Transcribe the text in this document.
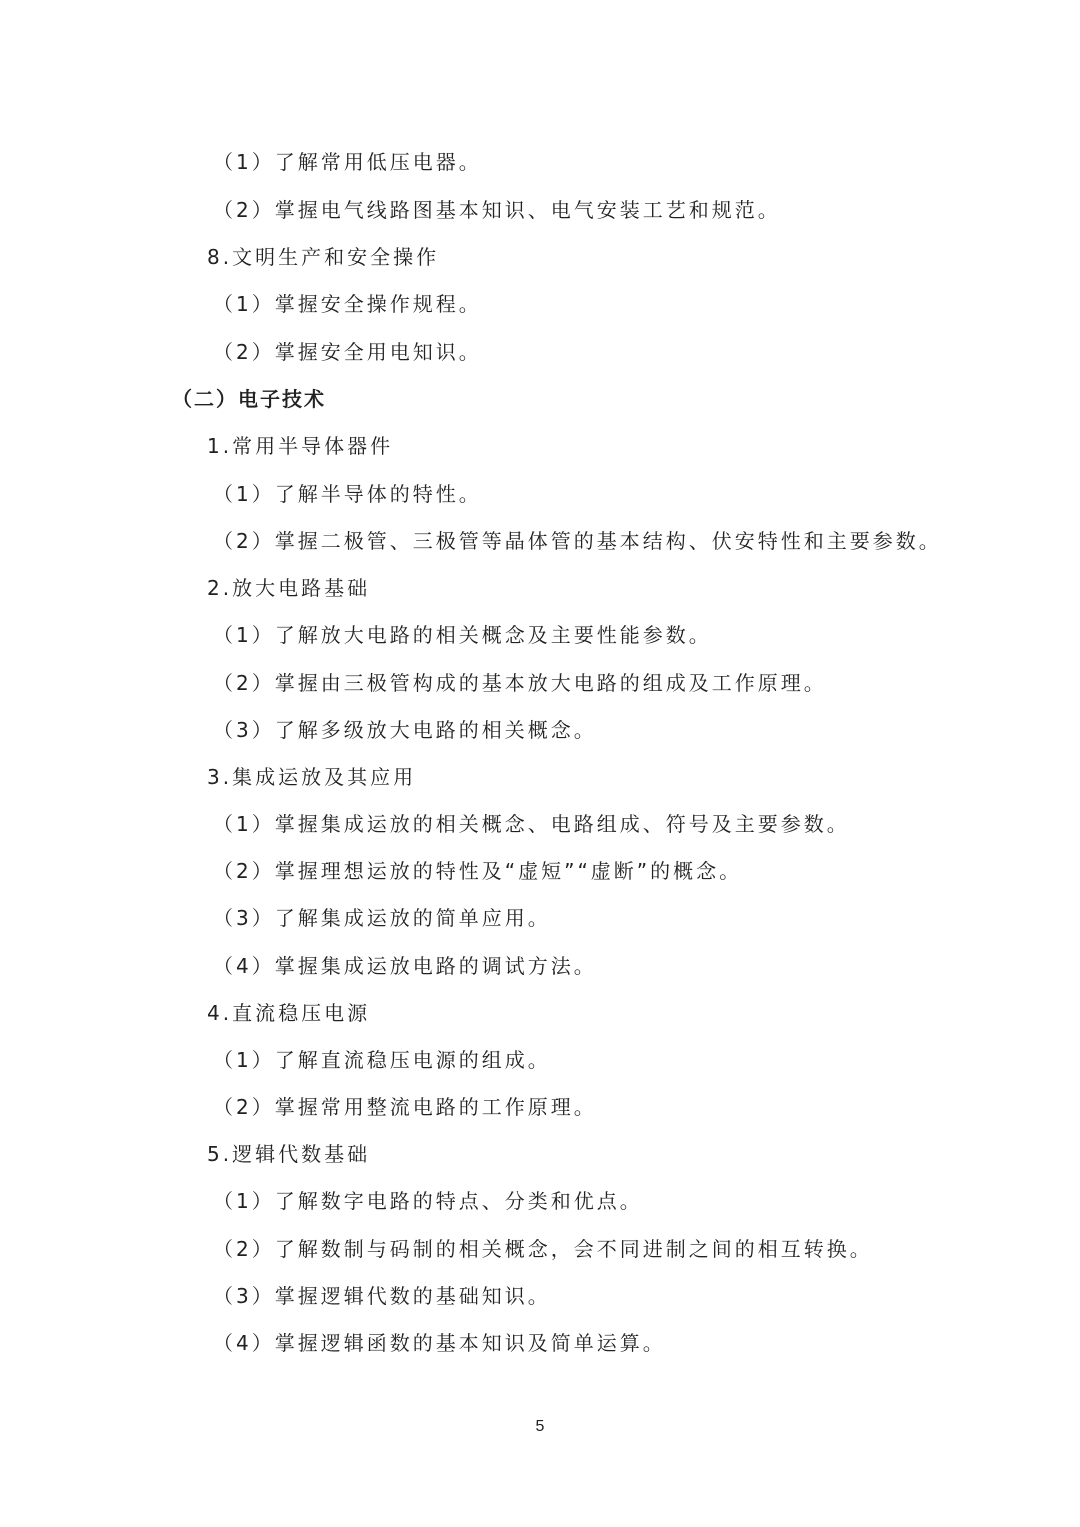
（1）了解常用低压电器。
（2）掌握电气线路图基本知识、电气安装工艺和规范。
8.文明生产和安全操作
（1）掌握安全操作规程。
（2）掌握安全用电知识。
（二）电子技术
1.常用半导体器件
（1）了解半导体的特性。
（2）掌握二极管、三极管等晶体管的基本结构、伏安特性和主要参数。
2.放大电路基础
（1）了解放大电路的相关概念及主要性能参数。
（2）掌握由三极管构成的基本放大电路的组成及工作原理。
（3）了解多级放大电路的相关概念。
3.集成运放及其应用
（1）掌握集成运放的相关概念、电路组成、符号及主要参数。
（2）掌握理想运放的特性及“虚短”“虚断”的概念。
（3）了解集成运放的简单应用。
（4）掌握集成运放电路的调试方法。
4.直流稳压电源
（1）了解直流稳压电源的组成。
（2）掌握常用整流电路的工作原理。
5.逻辑代数基础
（1）了解数字电路的特点、分类和优点。
（2）了解数制与码制的相关概念，会不同进制之间的相互转换。
（3）掌握逻辑代数的基础知识。
（4）掌握逻辑函数的基本知识及简单运算。
5
